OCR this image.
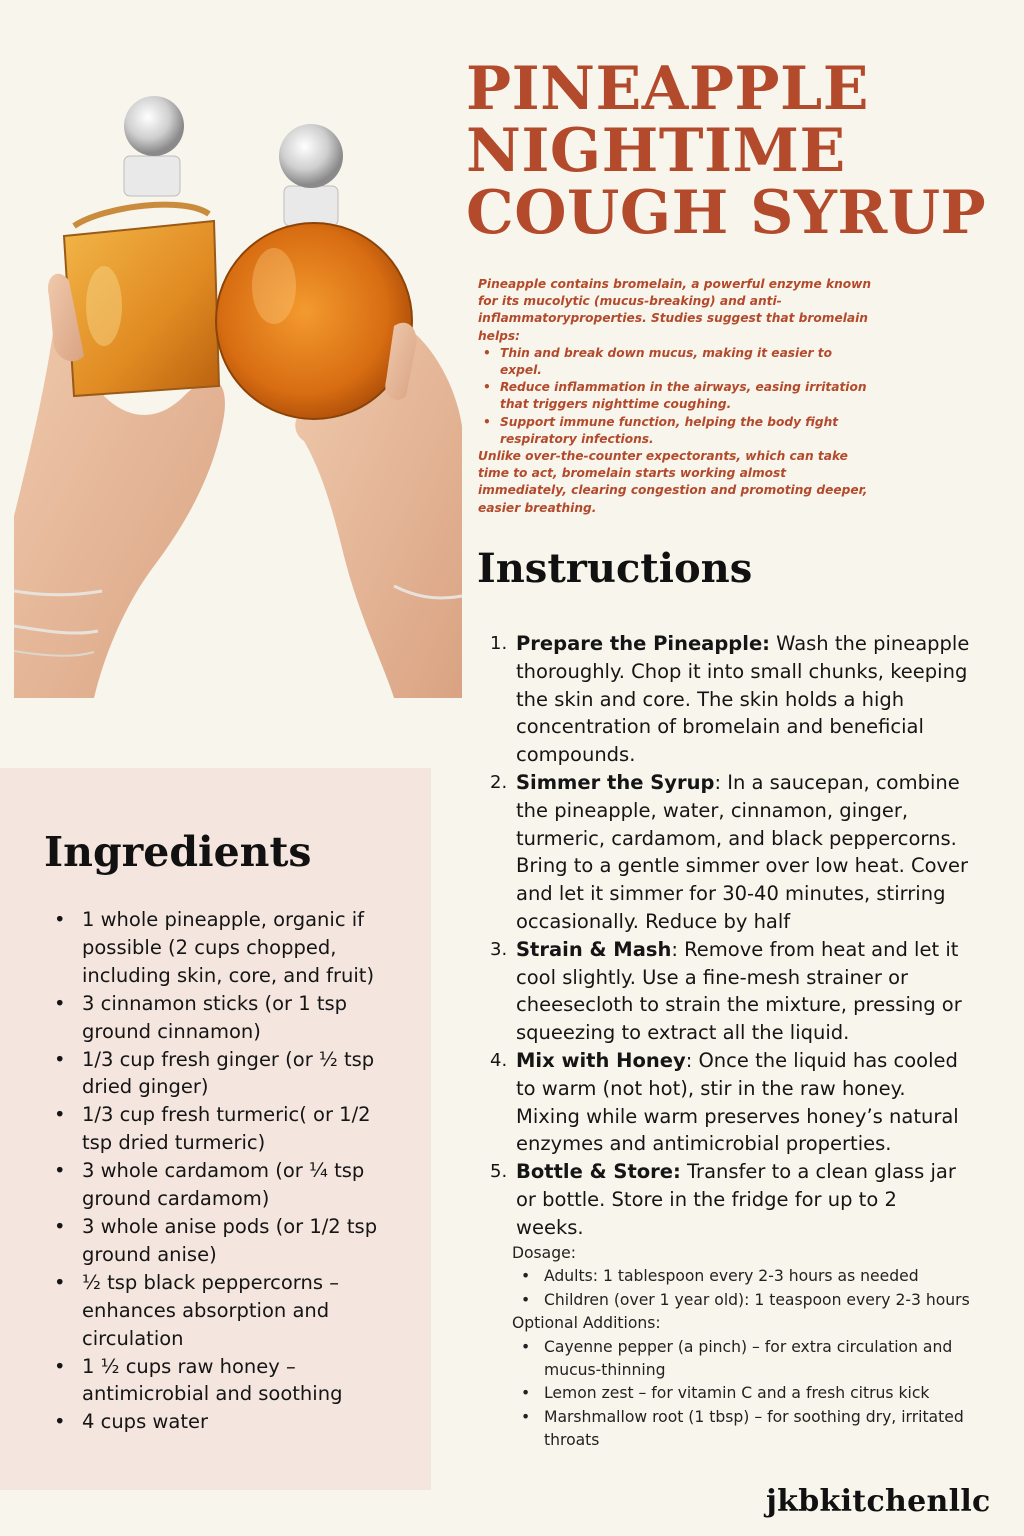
PINEAPPLE
NIGHTIME
COUGH SYRUP

Pineapple contains bromelain, a powerful enzyme known for its mucolytic (mucus-breaking) and anti-inflammatoryproperties. Studies suggest that bromelain helps:

• Thin and break down mucus, making it easier to expel.
• Reduce inflammation in the airways, easing irritation that triggers nighttime coughing.
• Support immune function, helping the body fight respiratory infections.

Unlike over-the-counter expectorants, which can take time to act, bromelain starts working almost immediately, clearing congestion and promoting deeper, easier breathing.

Instructions
1. Prepare the Pineapple: Wash the pineapple thoroughly. Chop it into small chunks, keeping the skin and core. The skin holds a high concentration of bromelain and beneficial compounds.
2. Simmer the Syrup: In a saucepan, combine the pineapple, water, cinnamon, ginger, turmeric, cardamom, and black peppercorns. Bring to a gentle simmer over low heat. Cover and let it simmer for 30-40 minutes, stirring occasionally. Reduce by half
3. Strain & Mash: Remove from heat and let it cool slightly. Use a fine-mesh strainer or cheesecloth to strain the mixture, pressing or squeezing to extract all the liquid.
4. Mix with Honey: Once the liquid has cooled to warm (not hot), stir in the raw honey. Mixing while warm preserves honey’s natural enzymes and antimicrobial properties.
5. Bottle & Store: Transfer to a clean glass jar or bottle. Store in the fridge for up to 2 weeks.
Dosage:
• Adults: 1 tablespoon every 2-3 hours as needed
• Children (over 1 year old): 1 teaspoon every 2-3 hours
Optional Additions:
• Cayenne pepper (a pinch) – for extra circulation and mucus-thinning
• Lemon zest – for vitamin C and a fresh citrus kick
• Marshmallow root (1 tbsp) – for soothing dry, irritated throats
Ingredients
• 1 whole pineapple, organic if possible (2 cups chopped, including skin, core, and fruit)
• 3 cinnamon sticks (or 1 tsp ground cinnamon)
• 1/3 cup fresh ginger (or ½ tsp dried ginger)
• 1/3 cup fresh turmeric( or 1/2 tsp dried turmeric)
• 3 whole cardamom (or ¼ tsp ground cardamom)
• 3 whole anise pods (or 1/2 tsp ground anise)
• ½ tsp black peppercorns – enhances absorption and circulation
• 1 ½ cups raw honey – antimicrobial and soothing
• 4 cups water
jkbkitchenllc
